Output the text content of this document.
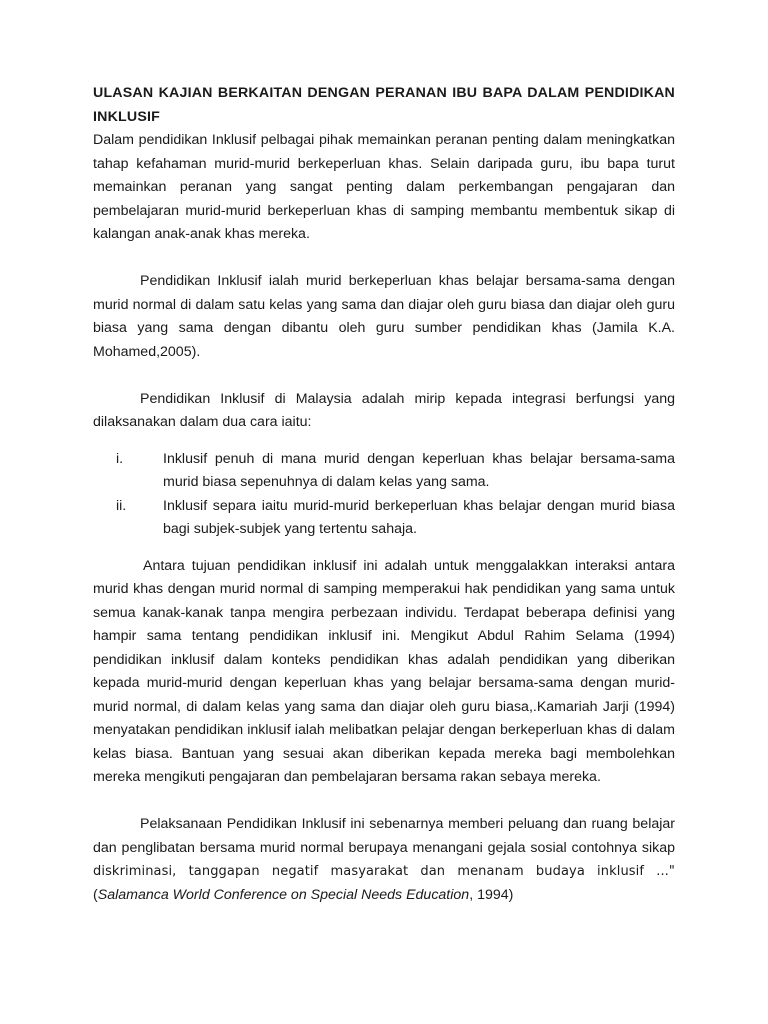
ULASAN KAJIAN BERKAITAN DENGAN PERANAN IBU BAPA DALAM PENDIDIKAN INKLUSIF

Dalam pendidikan Inklusif pelbagai pihak memainkan peranan penting dalam meningkatkan tahap kefahaman murid-murid berkeperluan khas. Selain daripada guru, ibu bapa turut memainkan peranan yang sangat penting dalam perkembangan pengajaran dan pembelajaran murid-murid berkeperluan khas di samping membantu membentuk sikap di kalangan anak-anak khas mereka.

Pendidikan Inklusif ialah murid berkeperluan khas belajar bersama-sama dengan murid normal di dalam satu kelas yang sama dan diajar oleh guru biasa dan diajar oleh guru biasa yang sama dengan dibantu oleh guru sumber pendidikan khas (Jamila K.A. Mohamed,2005).

Pendidikan Inklusif di Malaysia adalah mirip kepada integrasi berfungsi yang dilaksanakan dalam dua cara iaitu:

i.	Inklusif penuh di mana murid dengan keperluan khas belajar bersama-sama murid biasa sepenuhnya di dalam kelas yang sama.
ii.	Inklusif separa iaitu murid-murid berkeperluan khas belajar dengan murid biasa bagi subjek-subjek yang tertentu sahaja.

Antara tujuan pendidikan inklusif ini adalah untuk menggalakkan interaksi antara murid khas dengan murid normal di samping memperakui hak pendidikan yang sama untuk semua kanak-kanak tanpa mengira perbezaan individu. Terdapat beberapa definisi yang hampir sama tentang pendidikan inklusif ini. Mengikut Abdul Rahim Selama (1994) pendidikan inklusif dalam konteks pendidikan khas adalah pendidikan yang diberikan kepada murid-murid dengan keperluan khas yang belajar bersama-sama dengan murid-murid normal, di dalam kelas yang sama dan diajar oleh guru biasa,.Kamariah Jarji (1994) menyatakan pendidikan inklusif ialah melibatkan pelajar dengan berkeperluan khas di dalam kelas biasa. Bantuan yang sesuai akan diberikan kepada mereka bagi membolehkan mereka mengikuti pengajaran dan pembelajaran bersama rakan sebaya mereka.

Pelaksanaan Pendidikan Inklusif ini sebenarnya memberi peluang dan ruang belajar dan penglibatan bersama murid normal berupaya menangani gejala sosial contohnya sikap diskriminasi, tanggapan negatif masyarakat dan menanam budaya inklusif ..." (Salamanca World Conference on Special Needs Education, 1994)
